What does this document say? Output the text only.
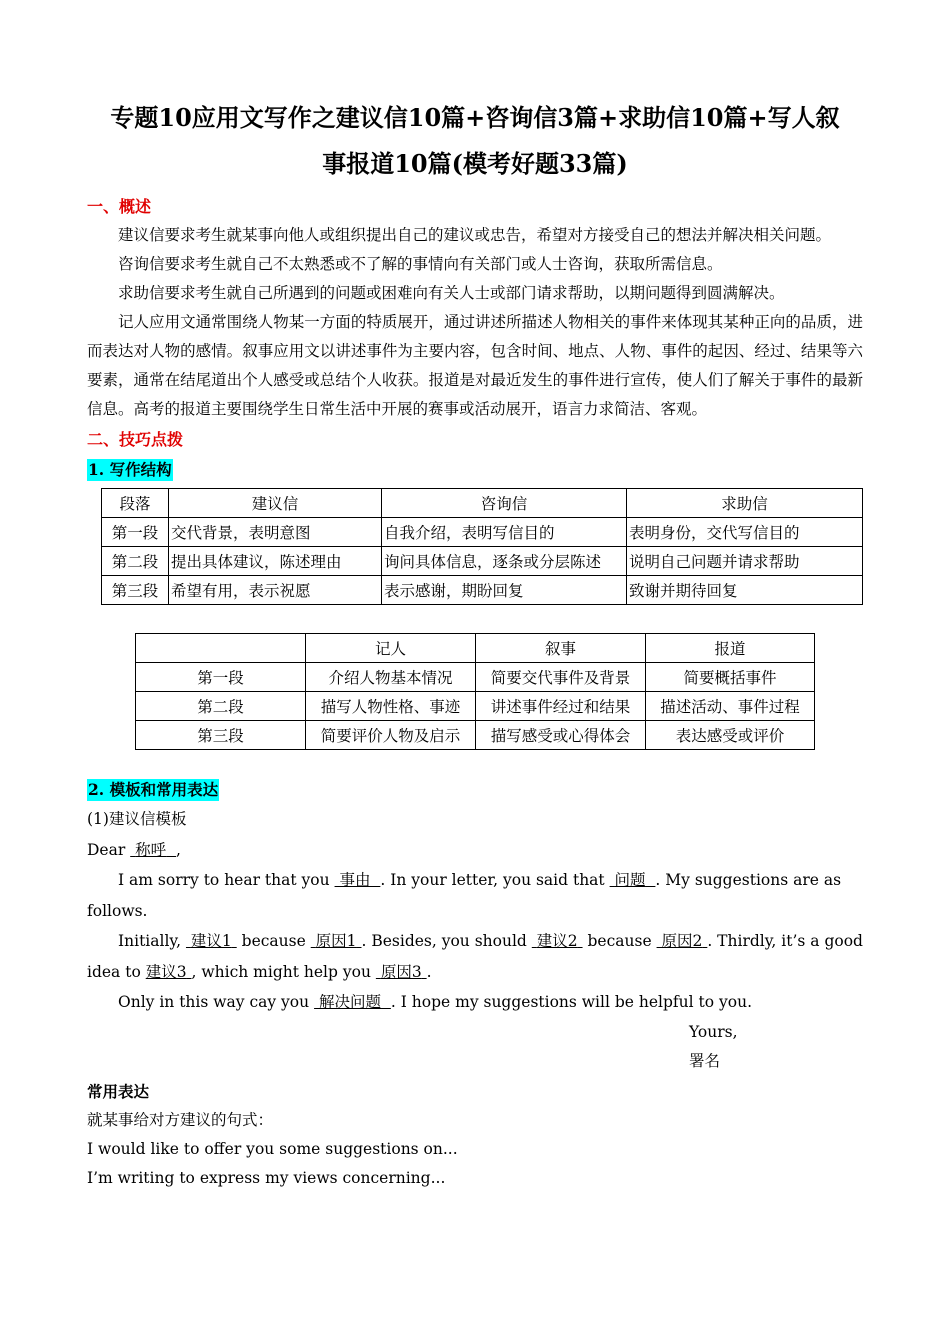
专题10应用文写作之建议信10篇+咨询信3篇+求助信10篇+写人叙
事报道10篇(模考好题33篇)
一、概述

建议信要求考生就某事向他人或组织提出自己的建议或忠告，希望对方接受自己的想法并解决相关问题。

咨询信要求考生就自己不太熟悉或不了解的事情向有关部门或人士咨询，获取所需信息。

求助信要求考生就自己所遇到的问题或困难向有关人士或部门请求帮助，以期问题得到圆满解决。

记人应用文通常围绕人物某一方面的特质展开，通过讲述所描述人物相关的事件来体现其某种正向的品质，进而表达对人物的感情。叙事应用文以讲述事件为主要内容，包含时间、地点、人物、事件的起因、经过、结果等六要素，通常在结尾道出个人感受或总结个人收获。报道是对最近发生的事件进行宣传，使人们了解关于事件的最新信息。高考的报道主要围绕学生日常生活中开展的赛事或活动展开，语言力求简洁、客观。

二、技巧点拨
1. 写作结构
段落	建议信	咨询信	求助信
第一段	交代背景，表明意图	自我介绍，表明写信目的	表明身份，交代写信目的
第二段	提出具体建议，陈述理由	询问具体信息，逐条或分层陈述	说明自己问题并请求帮助
第三段	希望有用，表示祝愿	表示感谢，期盼回复	致谢并期待回复
	记人	叙事	报道
第一段	介绍人物基本情况	简要交代事件及背景	简要概括事件
第二段	描写人物性格、事迹	讲述事件经过和结果	描述活动、事件过程
第三段	简要评价人物及启示	描写感受或心得体会	表达感受或评价
2. 模板和常用表达
(1)建议信模板
Dear 称呼 ,
I am sorry to hear that you 事由 . In your letter, you said that 问题 . My suggestions are as follows.
Initially, 建议1 because 原因1 . Besides, you should 建议2 because 原因2 . Thirdly, it’s a good idea to 建议3 , which might help you 原因3 .
Only in this way cay you 解决问题 . I hope my suggestions will be helpful to you.
Yours,
署名
常用表达
就某事给对方建议的句式：
I would like to offer you some suggestions on...
I’m writing to express my views concerning...
